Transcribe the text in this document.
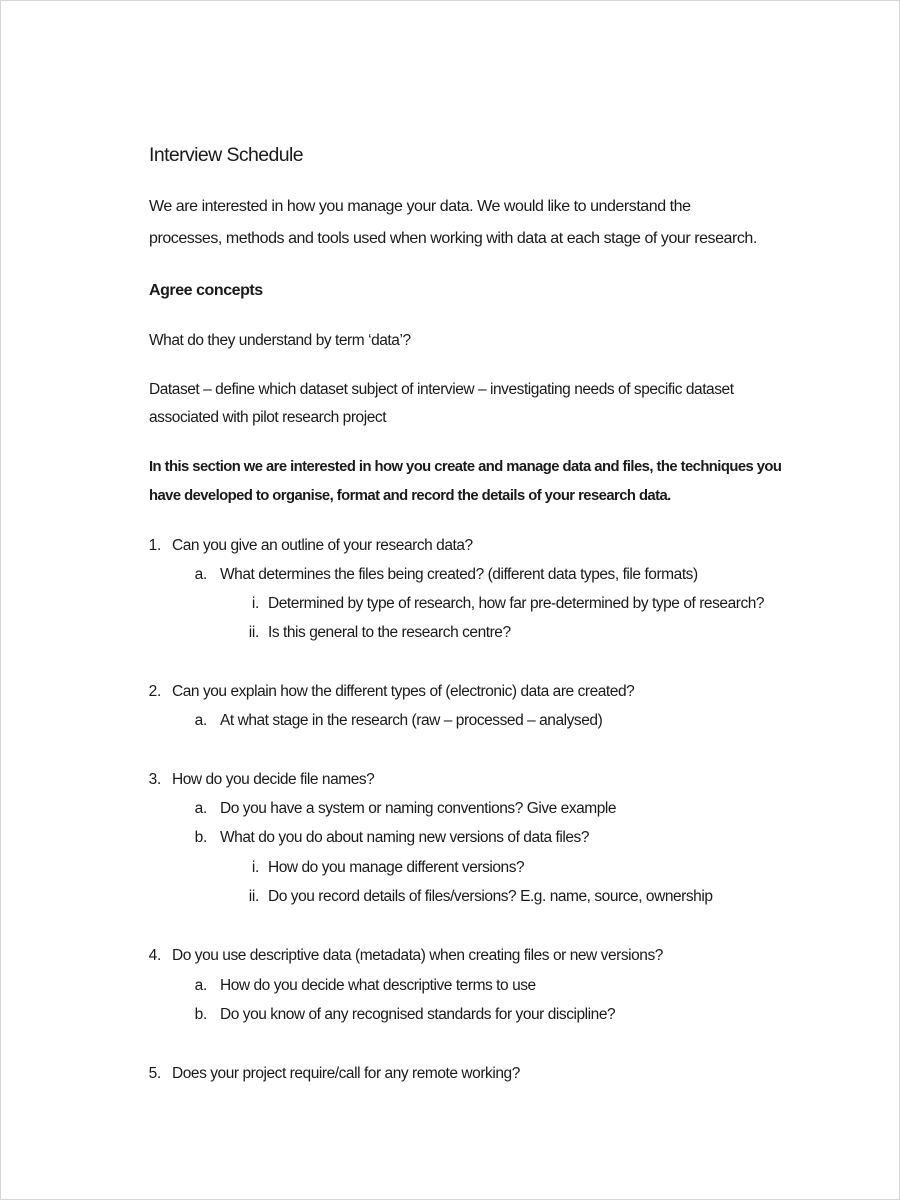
Interview Schedule
We are interested in how you manage your data. We would like to understand the
processes, methods and tools used when working with data at each stage of your research.
Agree concepts
What do they understand by term ‘data’?
Dataset – define which dataset subject of interview – investigating needs of specific dataset
associated with pilot research project
In this section we are interested in how you create and manage data and files, the techniques you
have developed to organise, format and record the details of your research data.
1. Can you give an outline of your research data?
a. What determines the files being created? (different data types, file formats)
i. Determined by type of research, how far pre-determined by type of research?
ii. Is this general to the research centre?
2. Can you explain how the different types of (electronic) data are created?
a. At what stage in the research (raw – processed – analysed)
3. How do you decide file names?
a. Do you have a system or naming conventions? Give example
b. What do you do about naming new versions of data files?
i. How do you manage different versions?
ii. Do you record details of files/versions? E.g. name, source, ownership
4. Do you use descriptive data (metadata) when creating files or new versions?
a. How do you decide what descriptive terms to use
b. Do you know of any recognised standards for your discipline?
5. Does your project require/call for any remote working?
